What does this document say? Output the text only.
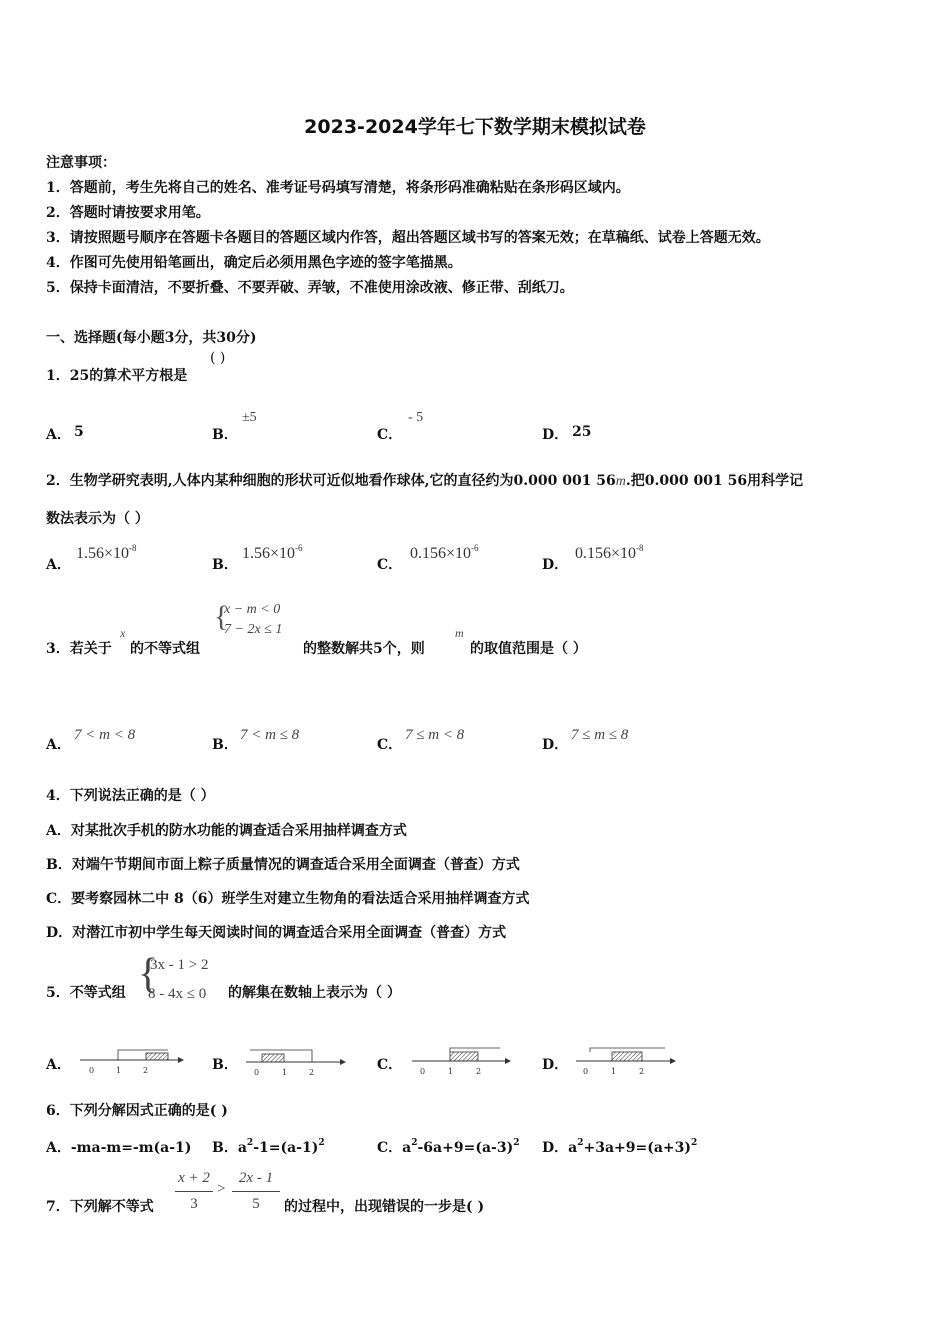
2023-2024学年七下数学期末模拟试卷
注意事项：
1．答题前，考生先将自己的姓名、准考证号码填写清楚，将条形码准确粘贴在条形码区域内。
2．答题时请按要求用笔。
3．请按照题号顺序在答题卡各题目的答题区域内作答，超出答题区域书写的答案无效；在草稿纸、试卷上答题无效。
4．作图可先使用铅笔画出，确定后必须用黑色字迹的签字笔描黑。
5．保持卡面清洁，不要折叠、不要弄破、弄皱，不准使用涂改液、修正带、刮纸刀。
一、选择题(每小题3分，共30分)
1．25的算术平方根是
( )
A． 5	B．
±5
C．
- 5
D． 25
2．生物学研究表明,人体内某种细胞的形状可近似地看作球体,它的直径约为0.000 001 56m.把0.000 001 56用科学记
数法表示为（ ）
A．
$1.56\times 10^{-8}$
B．
$1.56\times 10^{-6}$
C．
$0.156\times 10^{-6}$
D．
$0.156\times 10^{-8}$
3．若关于
x
的不等式组
{
x − m < 0
7 − 2x ≤ 1
的整数解共5个，则
m
的取值范围是（ ）
A．
7 < m < 8
B．
7 < m ≤ 8
C．
7 ≤ m < 8
D．
7 ≤ m ≤ 8
4．下列说法正确的是（ ）
A．对某批次手机的防水功能的调查适合采用抽样调查方式
B．对端午节期间市面上粽子质量情况的调查适合采用全面调查（普查）方式
C．要考察园林二中 8（6）班学生对建立生物角的看法适合采用抽样调查方式
D．对潜江市初中学生每天阅读时间的调查适合采用全面调查（普查）方式
5．不等式组 {
3x - 1 > 2
8 - 4x ≤ 0 的解集在数轴上表示为（ ）
A．	B．	C．	D．
0	1	2	0	1	2	0	1	2	0	1	2
6．下列分解因式正确的是( )
A．-ma-m=-m(a-1) B．$a^2-1=(a-1)^2$	C．$a^2-6a+9=(a-3)^2$ D．$a^2+3a+9=(a+3)^2$
7．下列解不等式
x + 2
3
>
2x - 1
5	的过程中，出现错误的一步是( )
